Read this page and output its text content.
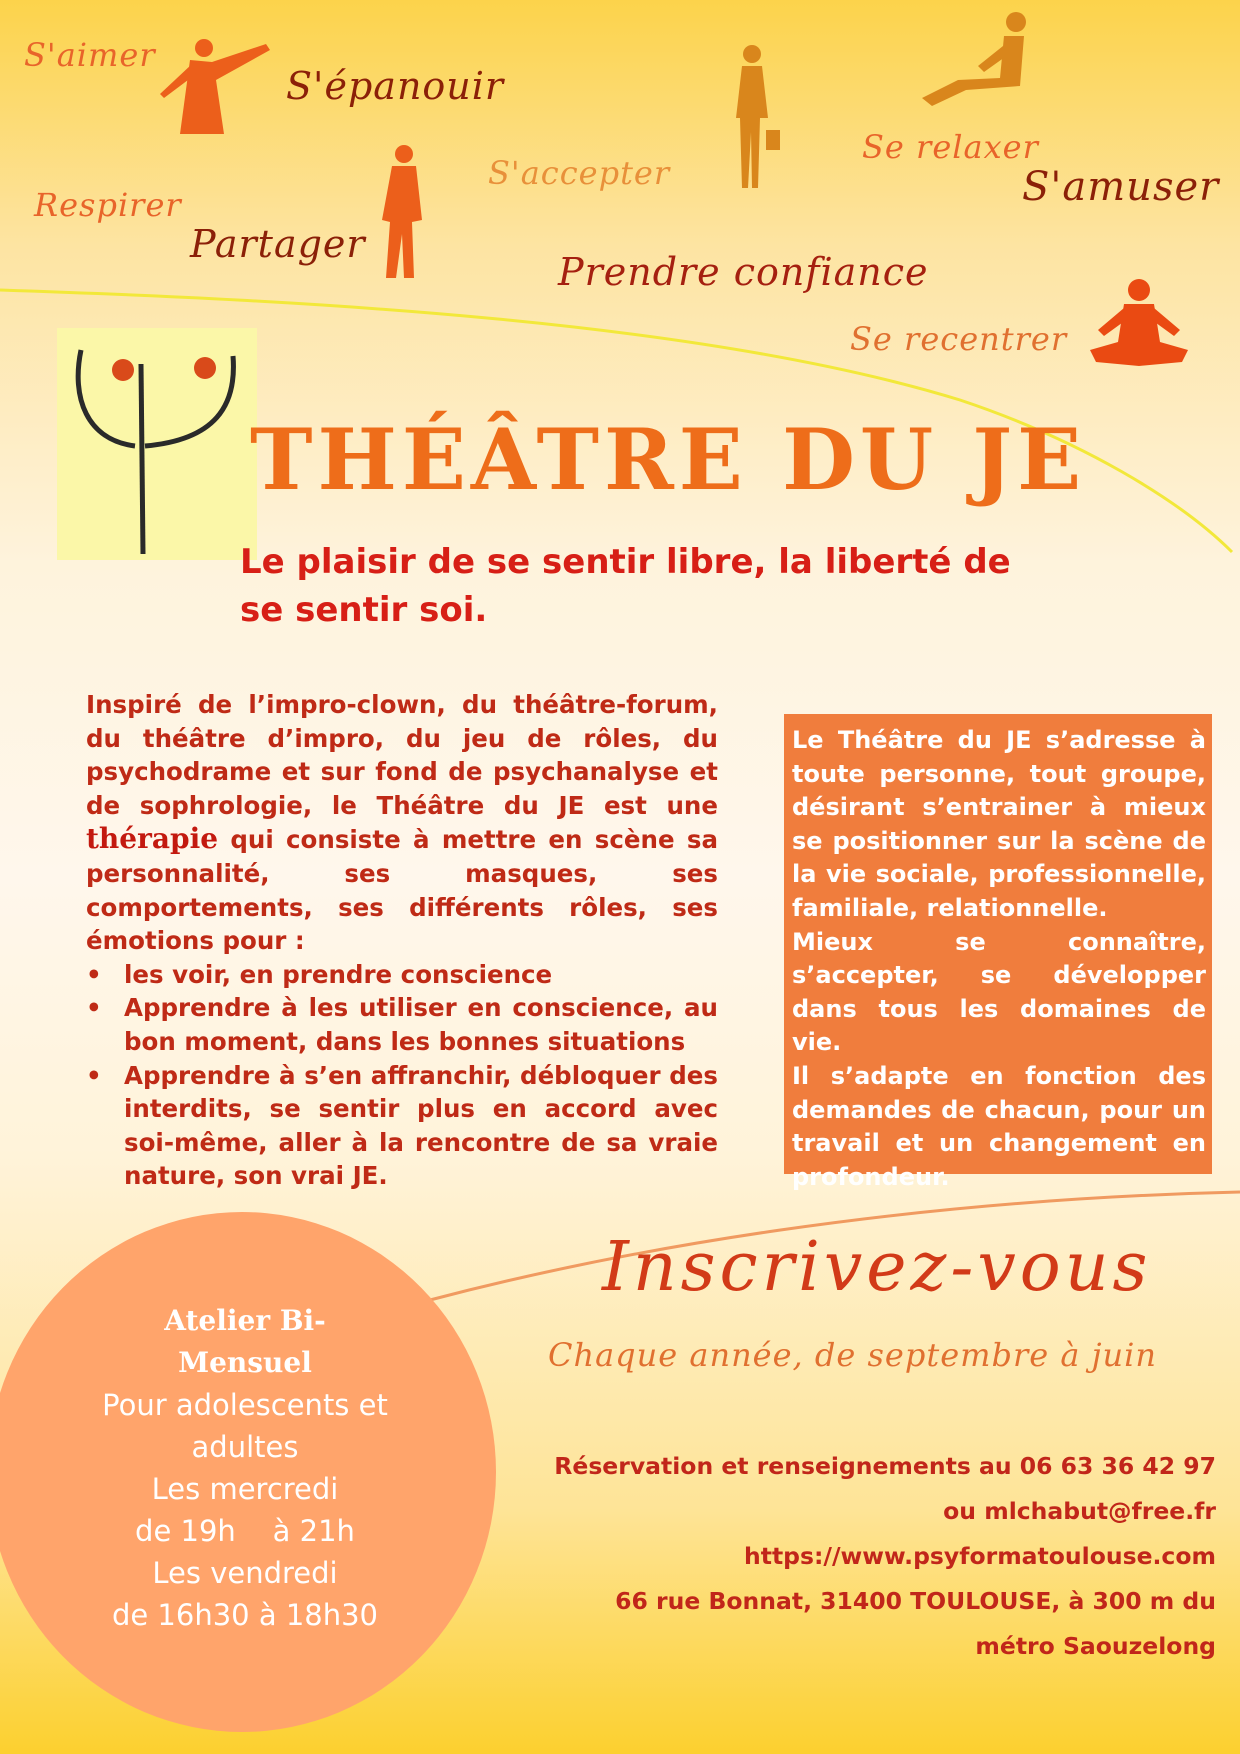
S'aimer
S'épanouir
S'accepter
Se relaxer
S'amuser
Respirer
Partager
Prendre confiance
Se recentrer
THÉÂTRE DU JE
Le plaisir de se sentir libre, la liberté de se sentir soi.
Inspiré de l’impro-clown, du théâtre-forum, du théâtre d’impro, du jeu de rôles, du psychodrame et sur fond de psychanalyse et de sophrologie, le Théâtre du JE est une thérapie qui consiste à mettre en scène sa personnalité, ses masques, ses comportements, ses différents rôles, ses émotions pour :
• les voir, en prendre conscience
• Apprendre à les utiliser en conscience, au bon moment, dans les bonnes situations
• Apprendre à s’en affranchir, débloquer des interdits, se sentir plus en accord avec soi-même, aller à la rencontre de sa vraie nature, son vrai JE.

Le Théâtre du JE s’adresse à toute personne, tout groupe, désirant s’entrainer à mieux se positionner sur la scène de la vie sociale, professionnelle, familiale, relationnelle.

Mieux se connaître, s’accepter, se développer dans tous les domaines de vie.

Il s’adapte en fonction des demandes de chacun, pour un travail et un changement en profondeur.

Atelier Bi-
Mensuel
Pour adolescents et
adultes
Les mercredi
de 19h    à 21h
Les vendredi
de 16h30 à 18h30
Inscrivez-vous
Chaque année, de septembre à juin
Réservation et renseignements au 06 63 36 42 97
ou mlchabut@free.fr
https://www.psyformatoulouse.com
66 rue Bonnat, 31400 TOULOUSE, à 300 m du
métro Saouzelong
